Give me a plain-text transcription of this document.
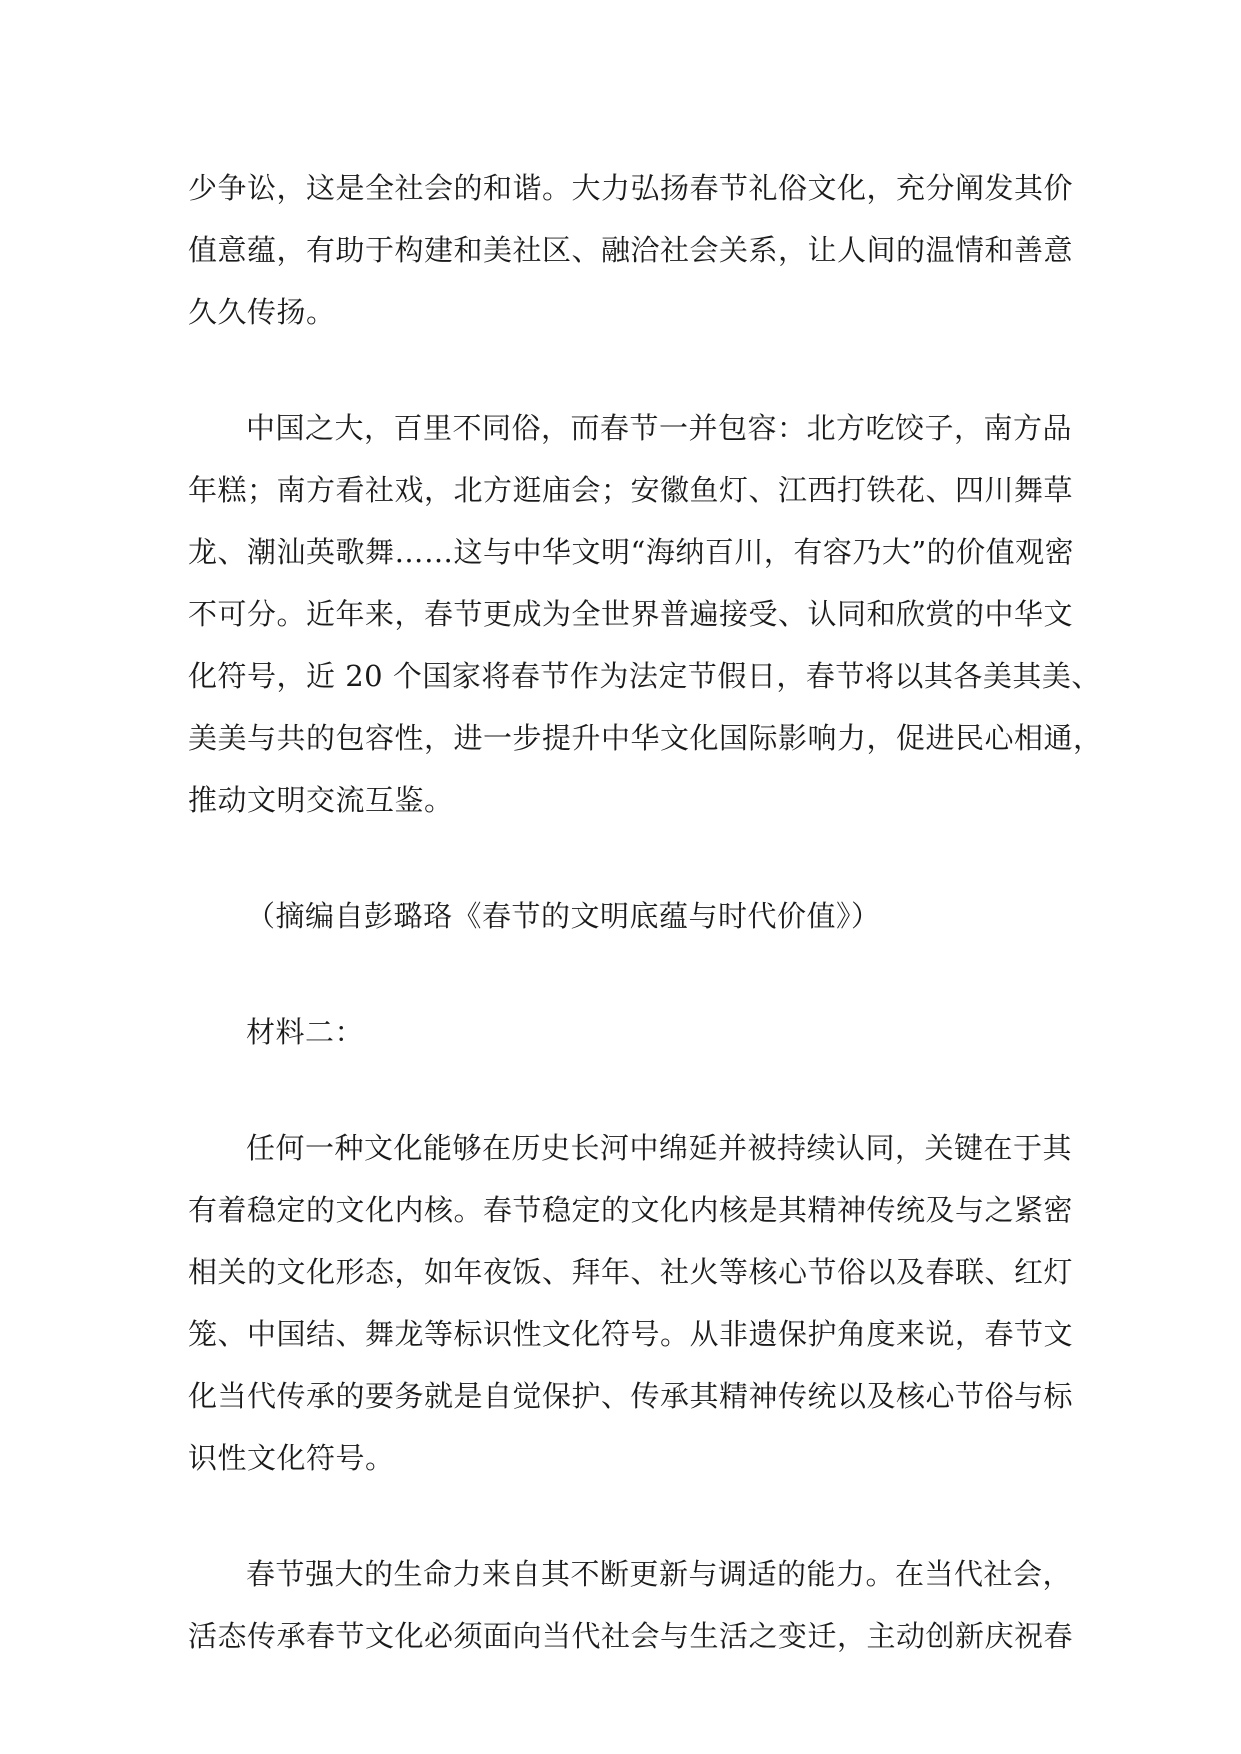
少争讼，这是全社会的和谐。大力弘扬春节礼俗文化，充分阐发其价
值意蕴，有助于构建和美社区、融洽社会关系，让人间的温情和善意
久久传扬。
中国之大，百里不同俗，而春节一并包容：北方吃饺子，南方品
年糕；南方看社戏，北方逛庙会；安徽鱼灯、江西打铁花、四川舞草
龙、潮汕英歌舞……这与中华文明“海纳百川，有容乃大”的价值观密
不可分。近年来，春节更成为全世界普遍接受、认同和欣赏的中华文
化符号，近 20 个国家将春节作为法定节假日，春节将以其各美其美、
美美与共的包容性，进一步提升中华文化国际影响力，促进民心相通，
推动文明交流互鉴。
（摘编自彭璐珞《春节的文明底蕴与时代价值》）
材料二：
任何一种文化能够在历史长河中绵延并被持续认同，关键在于其
有着稳定的文化内核。春节稳定的文化内核是其精神传统及与之紧密
相关的文化形态，如年夜饭、拜年、社火等核心节俗以及春联、红灯
笼、中国结、舞龙等标识性文化符号。从非遗保护角度来说，春节文
化当代传承的要务就是自觉保护、传承其精神传统以及核心节俗与标
识性文化符号。
春节强大的生命力来自其不断更新与调适的能力。在当代社会，
活态传承春节文化必须面向当代社会与生活之变迁，主动创新庆祝春
